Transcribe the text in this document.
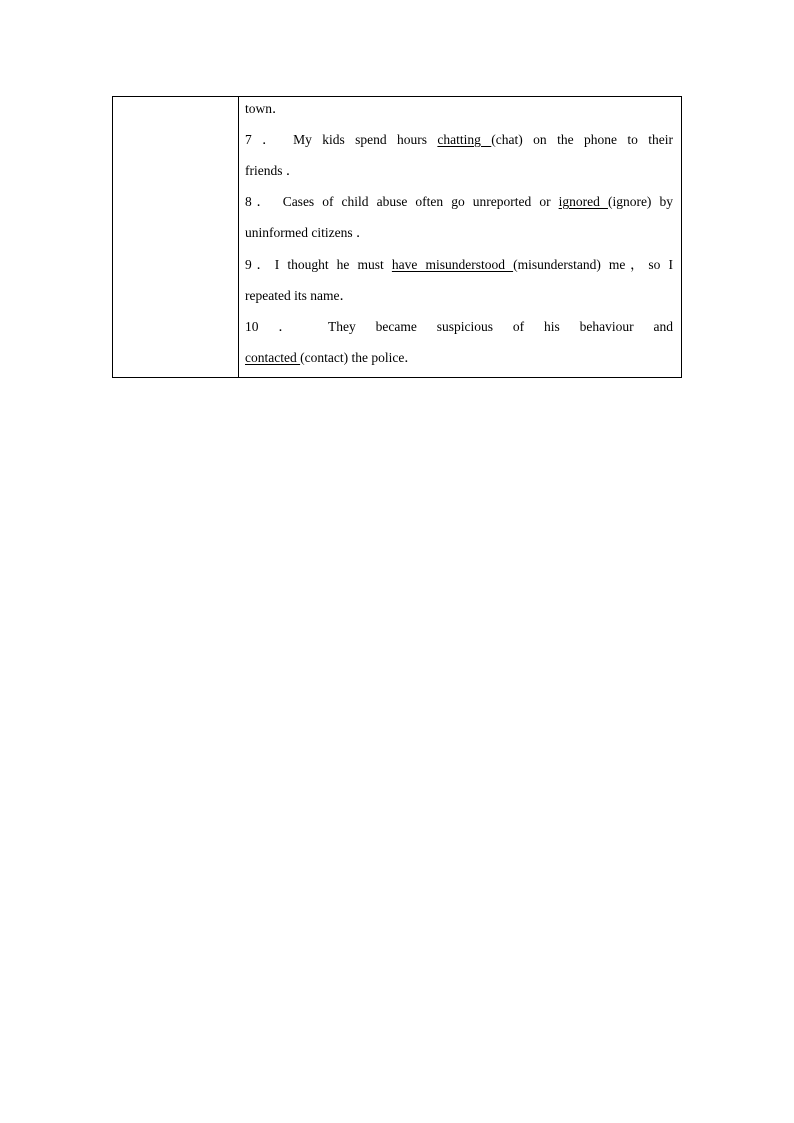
town．
7 ． My kids spend hours chatting (chat) on the phone to their
friends ．
8． Cases of child abuse often go unreported or ignored (ignore) by
uninformed citizens ．
9．I thought he must have misunderstood (misunderstand) me，so I
repeated its name．
10 ． They became suspicious of his behaviour and
contacted (contact) the police．
